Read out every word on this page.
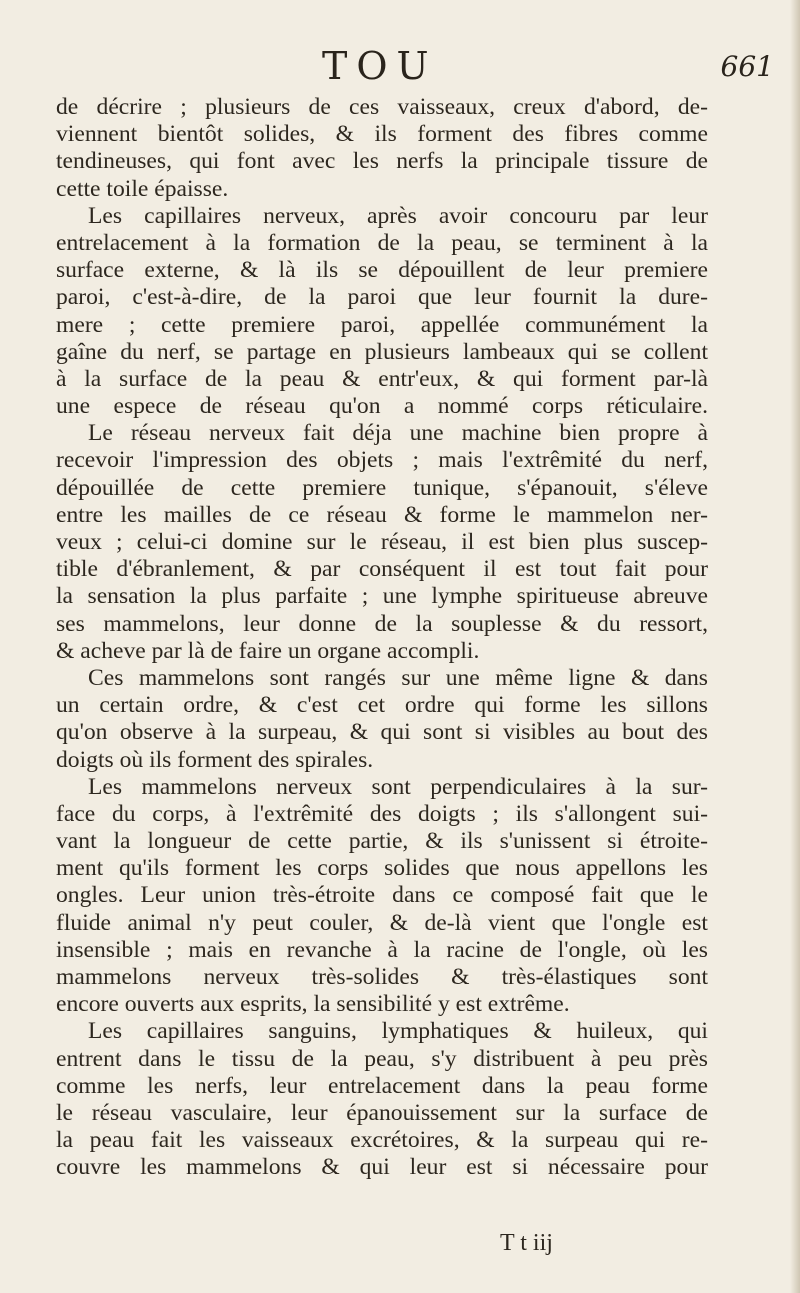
TOU	661
de décrire ; plusieurs de ces vaisseaux, creux d'abord, de-
viennent bientôt solides, & ils forment des fibres comme
tendineuses, qui font avec les nerfs la principale tissure de
cette toile épaisse.
Les capillaires nerveux, après avoir concouru par leur
entrelacement à la formation de la peau, se terminent à la
surface externe, & là ils se dépouillent de leur premiere
paroi, c'est-à-dire, de la paroi que leur fournit la dure-
mere ; cette premiere paroi, appellée communément la
gaîne du nerf, se partage en plusieurs lambeaux qui se collent
à la surface de la peau & entr'eux, & qui forment par-là
une espece de réseau qu'on a nommé corps réticulaire.
Le réseau nerveux fait déja une machine bien propre à
recevoir l'impression des objets ; mais l'extrêmité du nerf,
dépouillée de cette premiere tunique, s'épanouit, s'éleve
entre les mailles de ce réseau & forme le mammelon ner-
veux ; celui-ci domine sur le réseau, il est bien plus suscep-
tible d'ébranlement, & par conséquent il est tout fait pour
la sensation la plus parfaite ; une lymphe spiritueuse abreuve
ses mammelons, leur donne de la souplesse & du ressort,
& acheve par là de faire un organe accompli.
Ces mammelons sont rangés sur une même ligne & dans
un certain ordre, & c'est cet ordre qui forme les sillons
qu'on observe à la surpeau, & qui sont si visibles au bout des
doigts où ils forment des spirales.
Les mammelons nerveux sont perpendiculaires à la sur-
face du corps, à l'extrêmité des doigts ; ils s'allongent sui-
vant la longueur de cette partie, & ils s'unissent si étroite-
ment qu'ils forment les corps solides que nous appellons les
ongles. Leur union très-étroite dans ce composé fait que le
fluide animal n'y peut couler, & de-là vient que l'ongle est
insensible ; mais en revanche à la racine de l'ongle, où les
mammelons nerveux très-solides & très-élastiques sont
encore ouverts aux esprits, la sensibilité y est extrême.
Les capillaires sanguins, lymphatiques & huileux, qui
entrent dans le tissu de la peau, s'y distribuent à peu près
comme les nerfs, leur entrelacement dans la peau forme
le réseau vasculaire, leur épanouissement sur la surface de
la peau fait les vaisseaux excrétoires, & la surpeau qui re-
couvre les mammelons & qui leur est si nécessaire pour
T t iij
